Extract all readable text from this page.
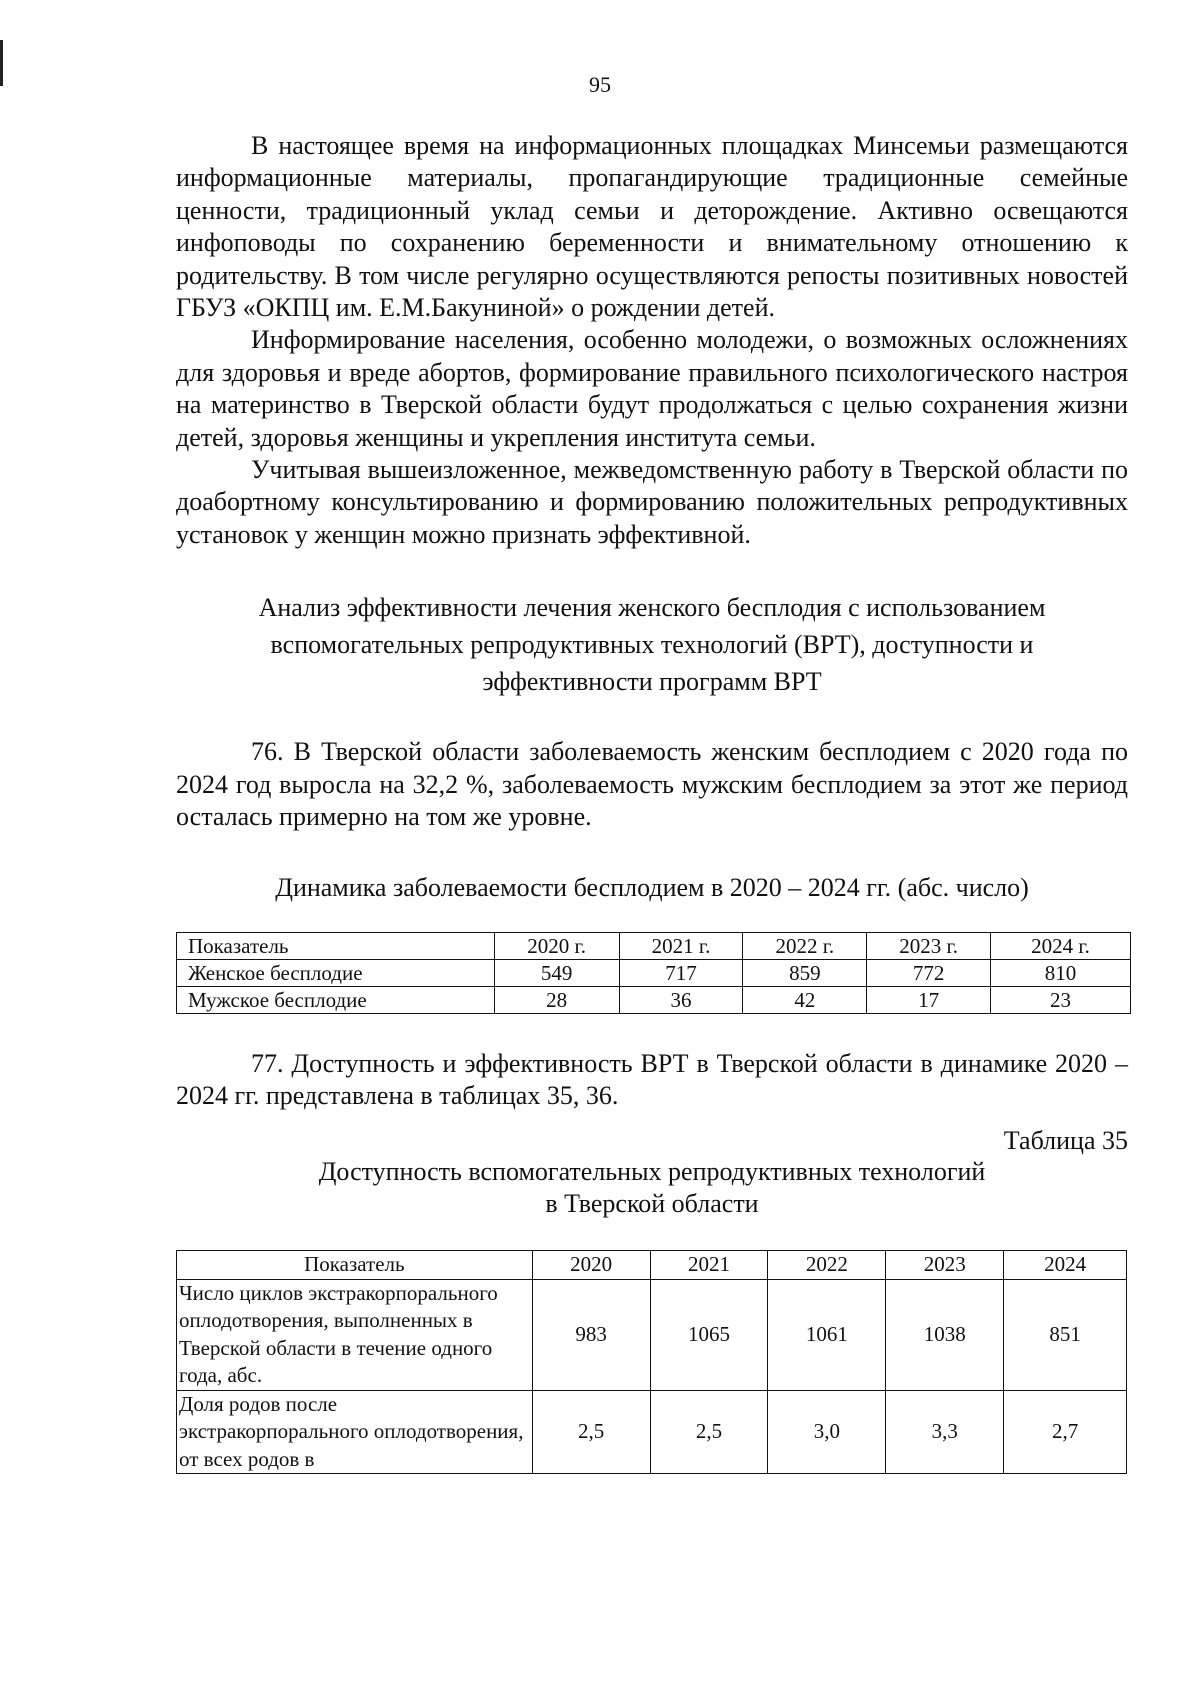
95

В настоящее время на информационных площадках Минсемьи размещаются информационные материалы, пропагандирующие традиционные семейные ценности, традиционный уклад семьи и деторождение. Активно освещаются инфоповоды по сохранению беременности и внимательному отношению к родительству. В том числе регулярно осуществляются репосты позитивных новостей ГБУЗ «ОКПЦ им. Е.М.Бакуниной» о рождении детей.

Информирование населения, особенно молодежи, о возможных осложнениях для здоровья и вреде абортов, формирование правильного психологического настроя на материнство в Тверской области будут продолжаться с целью сохранения жизни детей, здоровья женщины и укрепления института семьи.

Учитывая вышеизложенное, межведомственную работу в Тверской области по доабортному консультированию и формированию положительных репродуктивных установок у женщин можно признать эффективной.

Анализ эффективности лечения женского бесплодия с использованием

вспомогательных репродуктивных технологий (ВРТ), доступности и

эффективности программ ВРТ

76. В Тверской области заболеваемость женским бесплодием с 2020 года по 2024 год выросла на 32,2 %, заболеваемость мужским бесплодием за этот же период осталась примерно на том же уровне.

Динамика заболеваемости бесплодием в 2020 – 2024 гг. (абс. число)

Показатель	2020 г.	2021 г.	2022 г.	2023 г.	2024 г.
Женское бесплодие	549	717	859	772	810
Мужское бесплодие	28	36	42	17	23

77. Доступность и эффективность ВРТ в Тверской области в динамике 2020 – 2024 гг. представлена в таблицах 35, 36.

Таблица 35

Доступность вспомогательных репродуктивных технологий

в Тверской области

Показатель	2020	2021	2022	2023	2024
Число циклов экстракорпорального оплодотворения, выполненных в Тверской области в течение одного года, абс.	983	1065	1061	1038	851
Доля родов после экстракорпорального оплодотворения, от всех родов в	2,5	2,5	3,0	3,3	2,7
